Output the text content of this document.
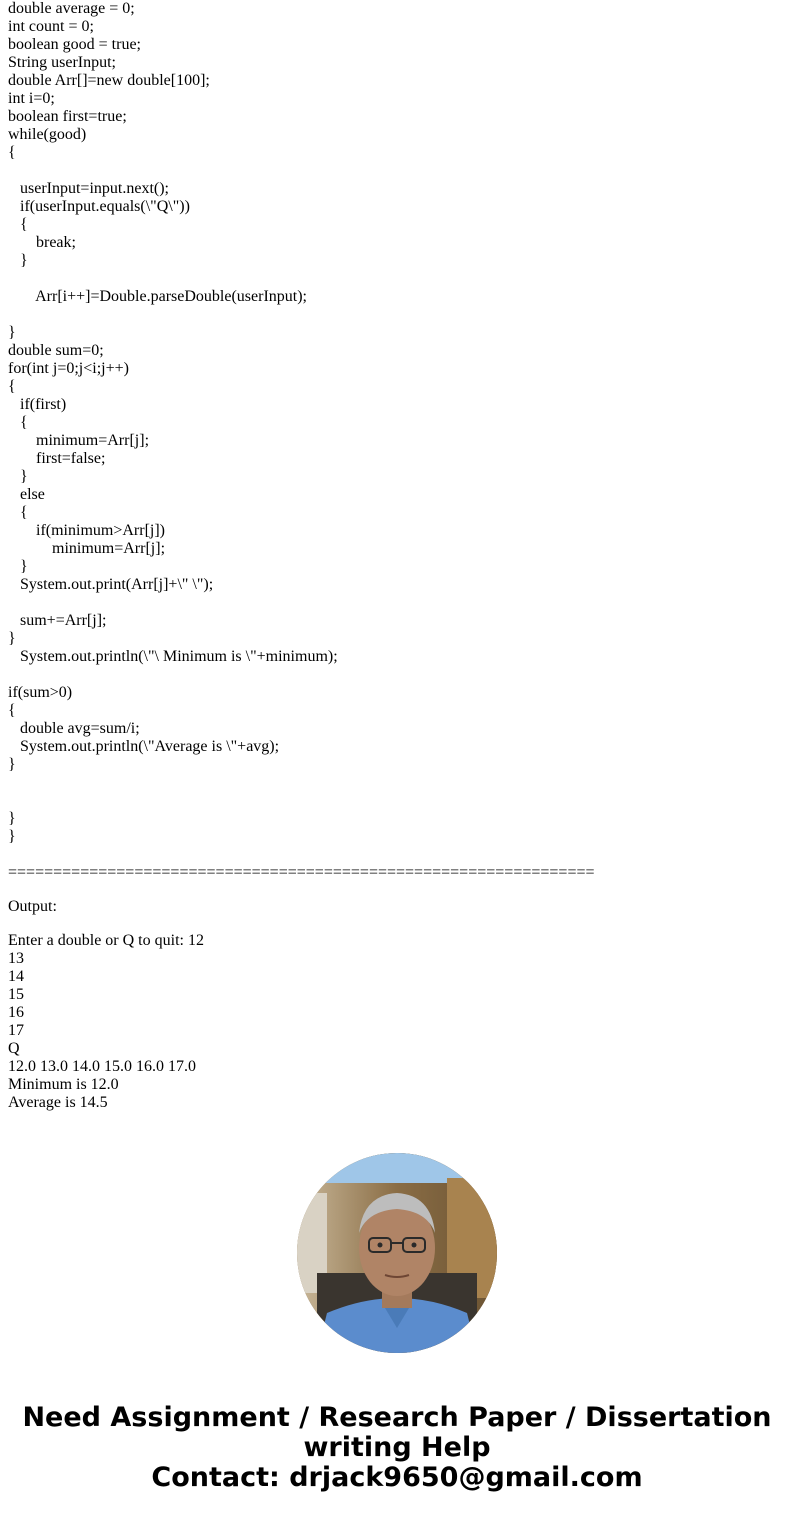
double average = 0;
int count = 0;
boolean good = true;
String userInput;
double Arr[]=new double[100];
int i=0;
boolean first=true;
while(good)
{
userInput=input.next();
if(userInput.equals(\"Q\"))
{
break;
}
Arr[i++]=Double.parseDouble(userInput);
}
double sum=0;
for(int j=0;j<i;j++)
{
if(first)
{
minimum=Arr[j];
first=false;
}
else
{
if(minimum>Arr[j])
minimum=Arr[j];
}
System.out.print(Arr[j]+\" \");
sum+=Arr[j];
}
System.out.println(\"\ Minimum is \"+minimum);
if(sum>0)
{
double avg=sum/i;
System.out.println(\"Average is \"+avg);
}
}
}
=================================================================
Output:
Enter a double or Q to quit: 12
13
14
15
16
17
Q
12.0 13.0 14.0 15.0 16.0 17.0
Minimum is 12.0
Average is 14.5
Need Assignment / Research Paper / Dissertation
writing Help
Contact: drjack9650@gmail.com
